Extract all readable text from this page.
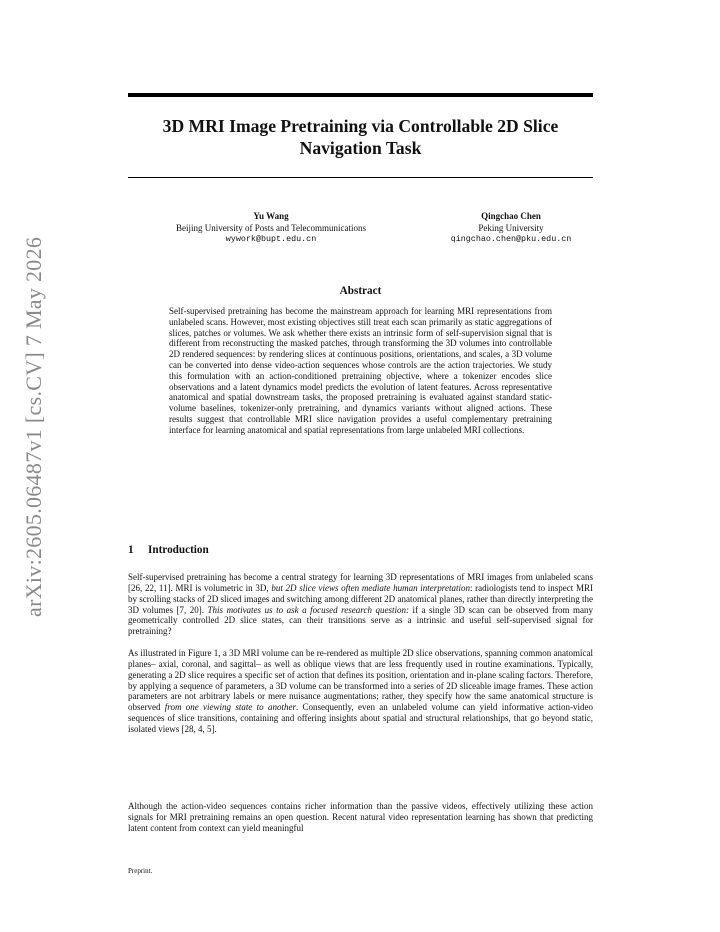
arXiv:2605.06487v1 [cs.CV] 7 May 2026
3D MRI Image Pretraining via Controllable 2D Slice
Navigation Task
Yu Wang
Beijing University of Posts and Telecommunications
wywork@bupt.edu.cn
Qingchao Chen
Peking University
qingchao.chen@pku.edu.cn
Abstract
Self-supervised pretraining has become the mainstream approach for learning MRI representations from unlabeled scans. However, most existing objectives still treat each scan primarily as static aggregations of slices, patches or volumes. We ask whether there exists an intrinsic form of self-supervision signal that is different from reconstructing the masked patches, through transforming the 3D volumes into controllable 2D rendered sequences: by rendering slices at continuous positions, orientations, and scales, a 3D volume can be converted into dense video-action sequences whose controls are the action trajectories. We study this formulation with an action-conditioned pretraining objective, where a tokenizer encodes slice observations and a latent dynamics model predicts the evolution of latent features. Across representative anatomical and spatial downstream tasks, the proposed pretraining is evaluated against standard static-volume baselines, tokenizer-only pretraining, and dynamics variants without aligned actions. These results suggest that controllable MRI slice navigation provides a useful complementary pretraining interface for learning anatomical and spatial representations from large unlabeled MRI collections.
1 Introduction

Self-supervised pretraining has become a central strategy for learning 3D representations of MRI images from unlabeled scans [26, 22, 11]. MRI is volumetric in 3D, but 2D slice views often mediate human interpretation: radiologists tend to inspect MRI by scrolling stacks of 2D sliced images and switching among different 2D anatomical planes, rather than directly interpreting the 3D volumes [7, 20]. This motivates us to ask a focused research question: if a single 3D scan can be observed from many geometrically controlled 2D slice states, can their transitions serve as a intrinsic and useful self-supervised signal for pretraining?

As illustrated in Figure 1, a 3D MRI volume can be re-rendered as multiple 2D slice observations, spanning common anatomical planes– axial, coronal, and sagittal– as well as oblique views that are less frequently used in routine examinations. Typically, generating a 2D slice requires a specific set of action that defines its position, orientation and in-plane scaling factors. Therefore, by applying a sequence of parameters, a 3D volume can be transformed into a series of 2D sliceable image frames. These action parameters are not arbitrary labels or mere nuisance augmentations; rather, they specify how the same anatomical structure is observed from one viewing state to another. Consequently, even an unlabeled volume can yield informative action-video sequences of slice transitions, containing and offering insights about spatial and structural relationships, that go beyond static, isolated views [28, 4, 5].

Although the action-video sequences contains richer information than the passive videos, effectively utilizing these action signals for MRI pretraining remains an open question. Recent natural video representation learning has shown that predicting latent content from context can yield meaningful

Preprint.
